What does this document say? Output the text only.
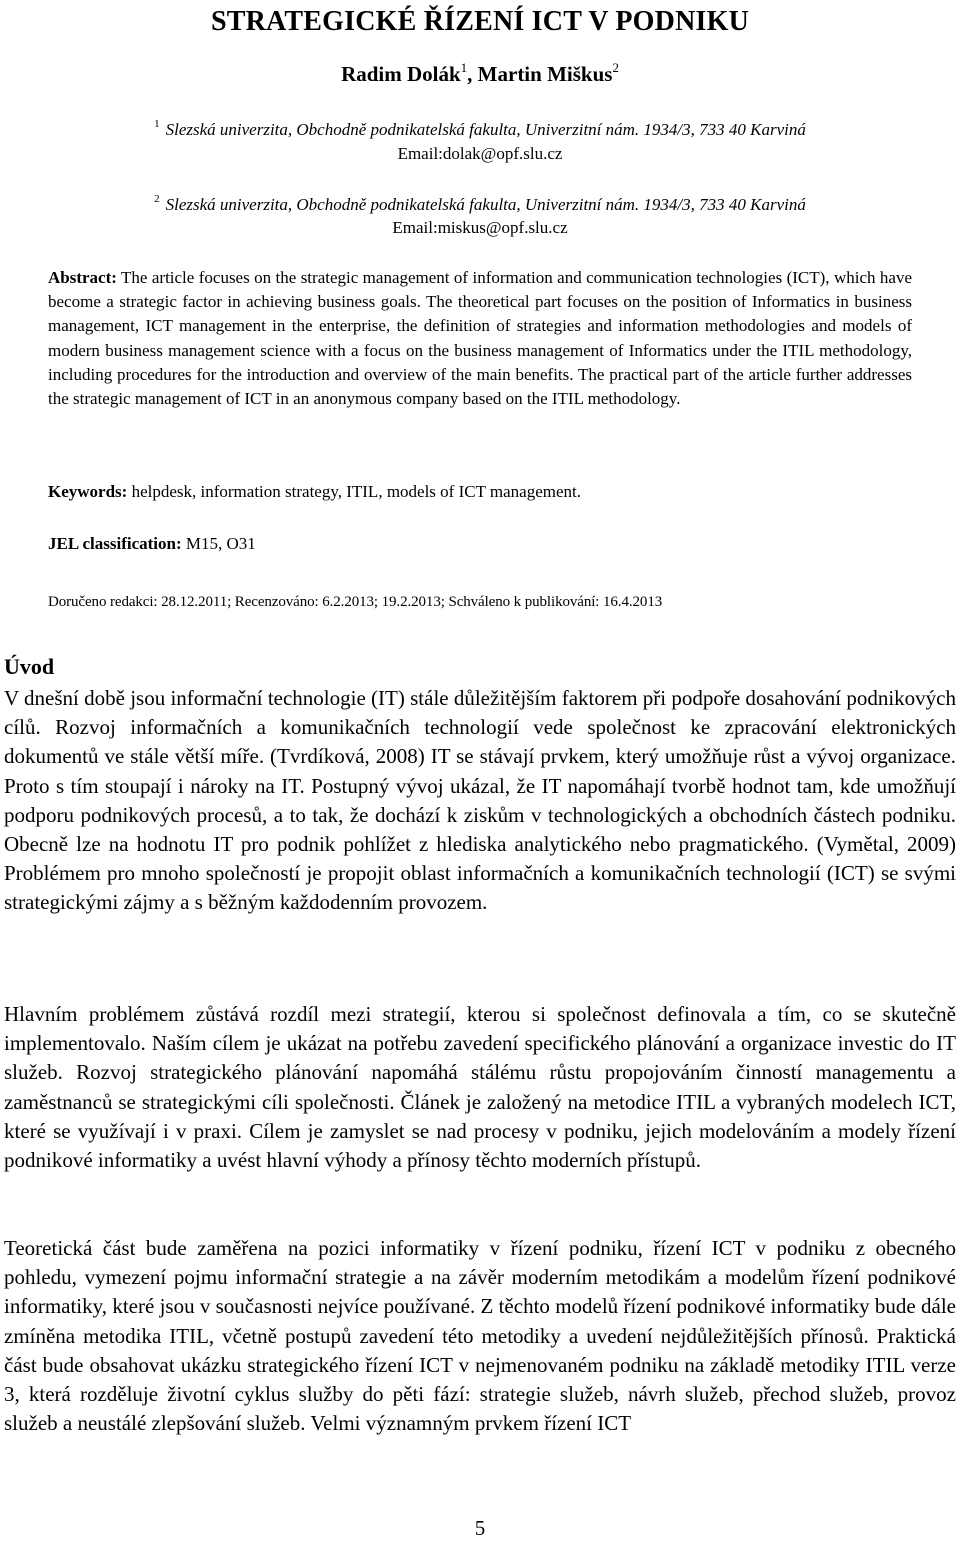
STRATEGICKÉ ŘÍZENÍ ICT V PODNIKU
Radim Dolák$^1$, Martin Miškus$^2$
$^1$ Slezská univerzita, Obchodně podnikatelská fakulta, Univerzitní nám. 1934/3, 733 40 Karviná
Email:dolak@opf.slu.cz
$^2$ Slezská univerzita, Obchodně podnikatelská fakulta, Univerzitní nám. 1934/3, 733 40 Karviná
Email:miskus@opf.slu.cz
Abstract: The article focuses on the strategic management of information and communication technologies (ICT), which have become a strategic factor in achieving business goals. The theoretical part focuses on the position of Informatics in business management, ICT management in the enterprise, the definition of strategies and information methodologies and models of modern business management science with a focus on the business management of Informatics under the ITIL methodology, including procedures for the introduction and overview of the main benefits. The practical part of the article further addresses the strategic management of ICT in an anonymous company based on the ITIL methodology.
Keywords: helpdesk, information strategy, ITIL, models of ICT management.
JEL classification: M15, O31
Doručeno redakci: 28.12.2011; Recenzováno: 6.2.2013; 19.2.2013; Schváleno k publikování: 16.4.2013
Úvod
V dnešní době jsou informační technologie (IT) stále důležitějším faktorem při podpoře dosahování podnikových cílů. Rozvoj informačních a komunikačních technologií vede společnost ke zpracování elektronických dokumentů ve stále větší míře. (Tvrdíková, 2008) IT se stávají prvkem, který umožňuje růst a vývoj organizace. Proto s tím stoupají i nároky na IT. Postupný vývoj ukázal, že IT napomáhají tvorbě hodnot tam, kde umožňují podporu podnikových procesů, a to tak, že dochází k ziskům v technologických a obchodních částech podniku. Obecně lze na hodnotu IT pro podnik pohlížet z hlediska analytického nebo pragmatického. (Vymětal, 2009) Problémem pro mnoho společností je propojit oblast informačních a komunikačních technologií (ICT) se svými strategickými zájmy a s běžným každodenním provozem.
Hlavním problémem zůstává rozdíl mezi strategií, kterou si společnost definovala a tím, co se skutečně implementovalo. Naším cílem je ukázat na potřebu zavedení specifického plánování a organizace investic do IT služeb. Rozvoj strategického plánování napomáhá stálému růstu propojováním činností managementu a zaměstnanců se strategickými cíli společnosti. Článek je založený na metodice ITIL a vybraných modelech ICT, které se využívají i v praxi. Cílem je zamyslet se nad procesy v podniku, jejich modelováním a modely řízení podnikové informatiky a uvést hlavní výhody a přínosy těchto moderních přístupů.
Teoretická část bude zaměřena na pozici informatiky v řízení podniku, řízení ICT v podniku z obecného pohledu, vymezení pojmu informační strategie a na závěr moderním metodikám a modelům řízení podnikové informatiky, které jsou v současnosti nejvíce používané. Z těchto modelů řízení podnikové informatiky bude dále zmíněna metodika ITIL, včetně postupů zavedení této metodiky a uvedení nejdůležitějších přínosů. Praktická část bude obsahovat ukázku strategického řízení ICT v nejmenovaném podniku na základě metodiky ITIL verze 3, která rozděluje životní cyklus služby do pěti fází: strategie služeb, návrh služeb, přechod služeb, provoz služeb a neustálé zlepšování služeb. Velmi významným prvkem řízení ICT
5
